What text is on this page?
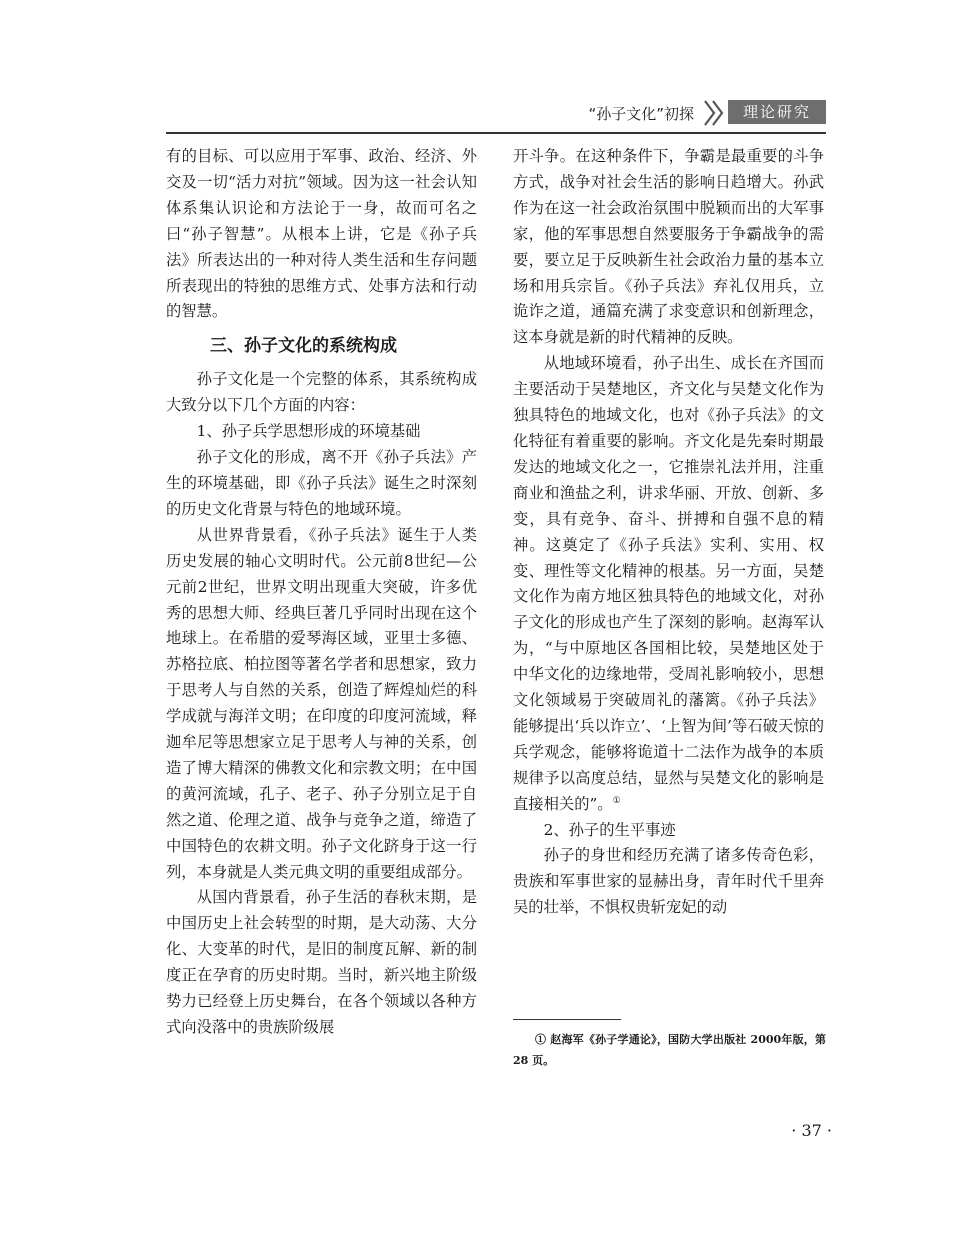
“孙子文化”初探	理论研究

有的目标、可以应用于军事、政治、经济、外交及一切“活力对抗”领域。因为这一社会认知体系集认识论和方法论于一身，故而可名之曰“孙子智慧”。从根本上讲，它是《孙子兵法》所表达出的一种对待人类生活和生存问题所表现出的特独的思维方式、处事方法和行动的智慧。

三、孙子文化的系统构成

孙子文化是一个完整的体系，其系统构成大致分以下几个方面的内容：

1、孙子兵学思想形成的环境基础

孙子文化的形成，离不开《孙子兵法》产生的环境基础，即《孙子兵法》诞生之时深刻的历史文化背景与特色的地域环境。

从世界背景看，《孙子兵法》诞生于人类历史发展的轴心文明时代。公元前8世纪—公元前2世纪，世界文明出现重大突破，许多优秀的思想大师、经典巨著几乎同时出现在这个地球上。在希腊的爱琴海区域，亚里士多德、苏格拉底、柏拉图等著名学者和思想家，致力于思考人与自然的关系，创造了辉煌灿烂的科学成就与海洋文明；在印度的印度河流域，释迦牟尼等思想家立足于思考人与神的关系，创造了博大精深的佛教文化和宗教文明；在中国的黄河流域，孔子、老子、孙子分别立足于自然之道、伦理之道、战争与竞争之道，缔造了中国特色的农耕文明。孙子文化跻身于这一行列，本身就是人类元典文明的重要组成部分。

从国内背景看，孙子生活的春秋末期，是中国历史上社会转型的时期，是大动荡、大分化、大变革的时代，是旧的制度瓦解、新的制度正在孕育的历史时期。当时，新兴地主阶级势力已经登上历史舞台，在各个领域以各种方式向没落中的贵族阶级展

开斗争。在这种条件下，争霸是最重要的斗争方式，战争对社会生活的影响日趋增大。孙武作为在这一社会政治氛围中脱颖而出的大军事家，他的军事思想自然要服务于争霸战争的需要，要立足于反映新生社会政治力量的基本立场和用兵宗旨。《孙子兵法》弃礼仅用兵，立诡诈之道，通篇充满了求变意识和创新理念，这本身就是新的时代精神的反映。

从地域环境看，孙子出生、成长在齐国而主要活动于吴楚地区，齐文化与吴楚文化作为独具特色的地域文化，也对《孙子兵法》的文化特征有着重要的影响。齐文化是先秦时期最发达的地域文化之一，它推崇礼法并用，注重商业和渔盐之利，讲求华丽、开放、创新、多变，具有竞争、奋斗、拼搏和自强不息的精神。这奠定了《孙子兵法》实利、实用、权变、理性等文化精神的根基。另一方面，吴楚文化作为南方地区独具特色的地域文化，对孙子文化的形成也产生了深刻的影响。赵海军认为，“与中原地区各国相比较，吴楚地区处于中华文化的边缘地带，受周礼影响较小，思想文化领域易于突破周礼的藩篱。《孙子兵法》能够提出‘兵以诈立’、‘上智为间’等石破天惊的兵学观念，能够将诡道十二法作为战争的本质规律予以高度总结，显然与吴楚文化的影响是直接相关的”。①

2、孙子的生平事迹

孙子的身世和经历充满了诸多传奇色彩，贵族和军事世家的显赫出身，青年时代千里奔吴的壮举，不惧权贵斩宠妃的动

① 赵海军《孙子学通论》，国防大学出版社 2000年版，第 28 页。
· 37 ·
